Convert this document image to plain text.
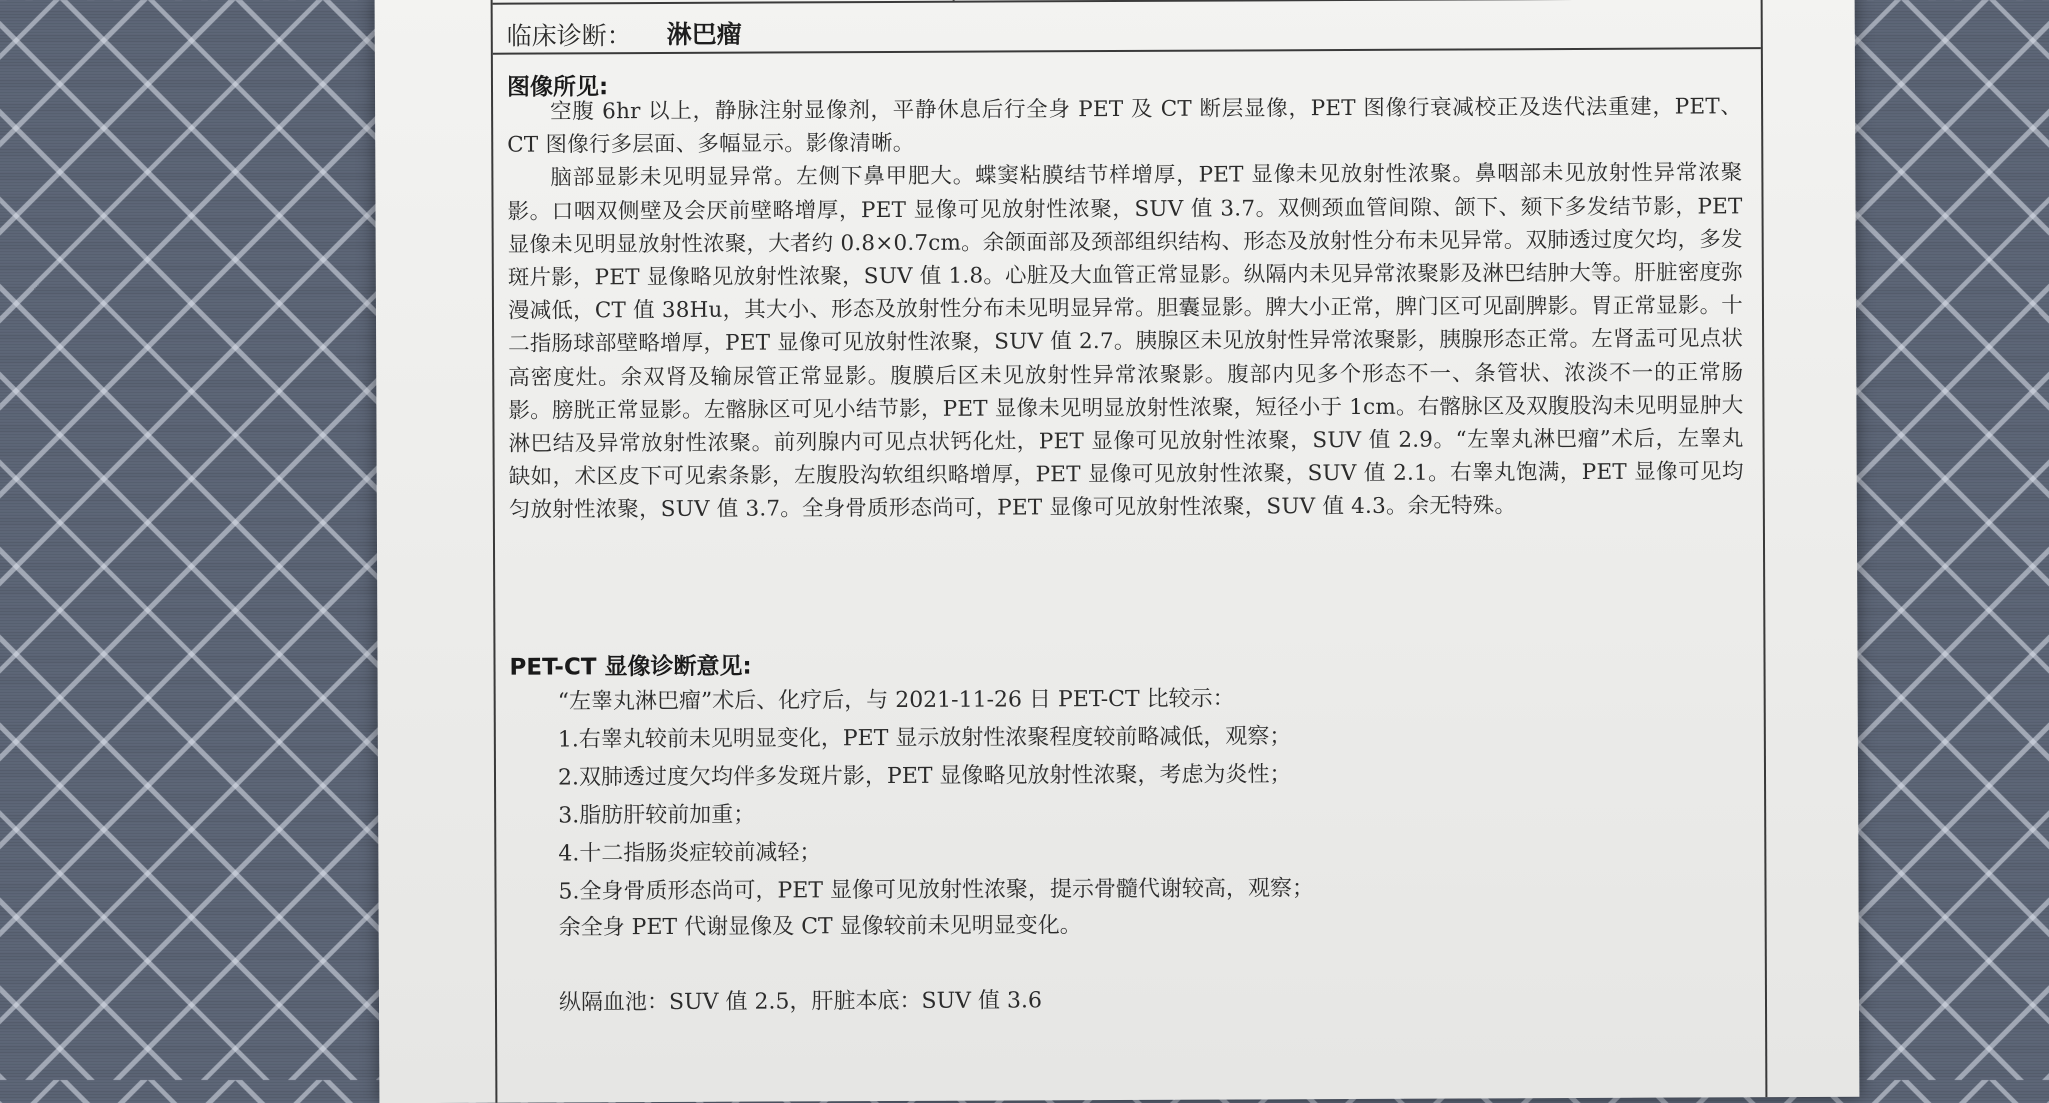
临床诊断： 淋巴瘤
图像所见:

空腹 6hr 以上，静脉注射显像剂，平静休息后行全身 PET 及 CT 断层显像，PET 图像行衰减校正及迭代法重建，PET、CT 图像行多层面、多幅显示。影像清晰。

脑部显影未见明显异常。左侧下鼻甲肥大。蝶窦粘膜结节样增厚，PET 显像未见放射性浓聚。鼻咽部未见放射性异常浓聚影。口咽双侧壁及会厌前壁略增厚，PET 显像可见放射性浓聚，SUV 值 3.7。双侧颈血管间隙、颌下、颏下多发结节影，PET 显像未见明显放射性浓聚，大者约 0.8×0.7cm。余颌面部及颈部组织结构、形态及放射性分布未见异常。双肺透过度欠均，多发斑片影，PET 显像略见放射性浓聚，SUV 值 1.8。心脏及大血管正常显影。纵隔内未见异常浓聚影及淋巴结肿大等。肝脏密度弥漫减低，CT 值 38Hu，其大小、形态及放射性分布未见明显异常。胆囊显影。脾大小正常，脾门区可见副脾影。胃正常显影。十二指肠球部壁略增厚，PET 显像可见放射性浓聚，SUV 值 2.7。胰腺区未见放射性异常浓聚影，胰腺形态正常。左肾盂可见点状高密度灶。余双肾及输尿管正常显影。腹膜后区未见放射性异常浓聚影。腹部内见多个形态不一、条管状、浓淡不一的正常肠影。膀胱正常显影。左髂脉区可见小结节影，PET 显像未见明显放射性浓聚，短径小于 1cm。右髂脉区及双腹股沟未见明显肿大淋巴结及异常放射性浓聚。前列腺内可见点状钙化灶，PET 显像可见放射性浓聚，SUV 值 2.9。“左睾丸淋巴瘤”术后，左睾丸缺如，术区皮下可见索条影，左腹股沟软组织略增厚，PET 显像可见放射性浓聚，SUV 值 2.1。右睾丸饱满，PET 显像可见均匀放射性浓聚，SUV 值 3.7。全身骨质形态尚可，PET 显像可见放射性浓聚，SUV 值 4.3。余无特殊。

PET-CT 显像诊断意见:
“左睾丸淋巴瘤”术后、化疗后，与 2021-11-26 日 PET-CT 比较示：
1.右睾丸较前未见明显变化，PET 显示放射性浓聚程度较前略减低，观察；
2.双肺透过度欠均伴多发斑片影，PET 显像略见放射性浓聚，考虑为炎性；
3.脂肪肝较前加重；
4.十二指肠炎症较前减轻；
5.全身骨质形态尚可，PET 显像可见放射性浓聚，提示骨髓代谢较高，观察；
余全身 PET 代谢显像及 CT 显像较前未见明显变化。
纵隔血池：SUV 值 2.5，肝脏本底：SUV 值 3.6
